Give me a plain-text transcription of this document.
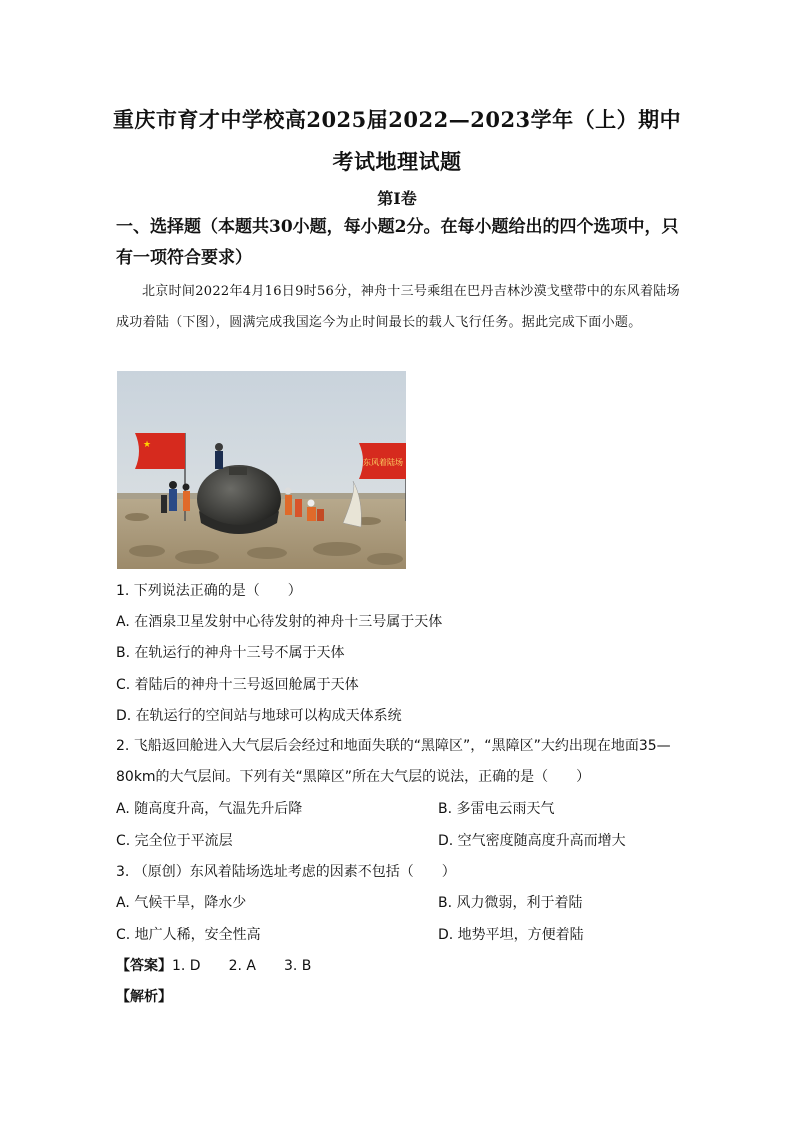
重庆市育才中学校高2025届2022—2023学年（上）期中
考试地理试题
第Ⅰ卷
一、选择题（本题共30小题，每小题2分。在每小题给出的四个选项中，只有一项符合要求）
北京时间2022年4月16日9时56分，神舟十三号乘组在巴丹吉林沙漠戈壁带中的东风着陆场成功着陆（下图），圆满完成我国迄今为止时间最长的载人飞行任务。据此完成下面小题。
★
东风着陆场
1. 下列说法正确的是（　　）
A. 在酒泉卫星发射中心待发射的神舟十三号属于天体
B. 在轨运行的神舟十三号不属于天体
C. 着陆后的神舟十三号返回舱属于天体
D. 在轨运行的空间站与地球可以构成天体系统
2. 飞船返回舱进入大气层后会经过和地面失联的“黑障区”，“黑障区”大约出现在地面35—80km的大气层间。下列有关“黑障区”所在大气层的说法，正确的是（　　）
A. 随高度升高，气温先升后降	B. 多雷电云雨天气
C. 完全位于平流层	D. 空气密度随高度升高而增大
3. （原创）东风着陆场选址考虑的因素不包括（　　）
A. 气候干旱，降水少	B. 风力微弱，利于着陆
C. 地广人稀，安全性高	D. 地势平坦，方便着陆
【答案】1. D　　2. A　　3. B
【解析】
